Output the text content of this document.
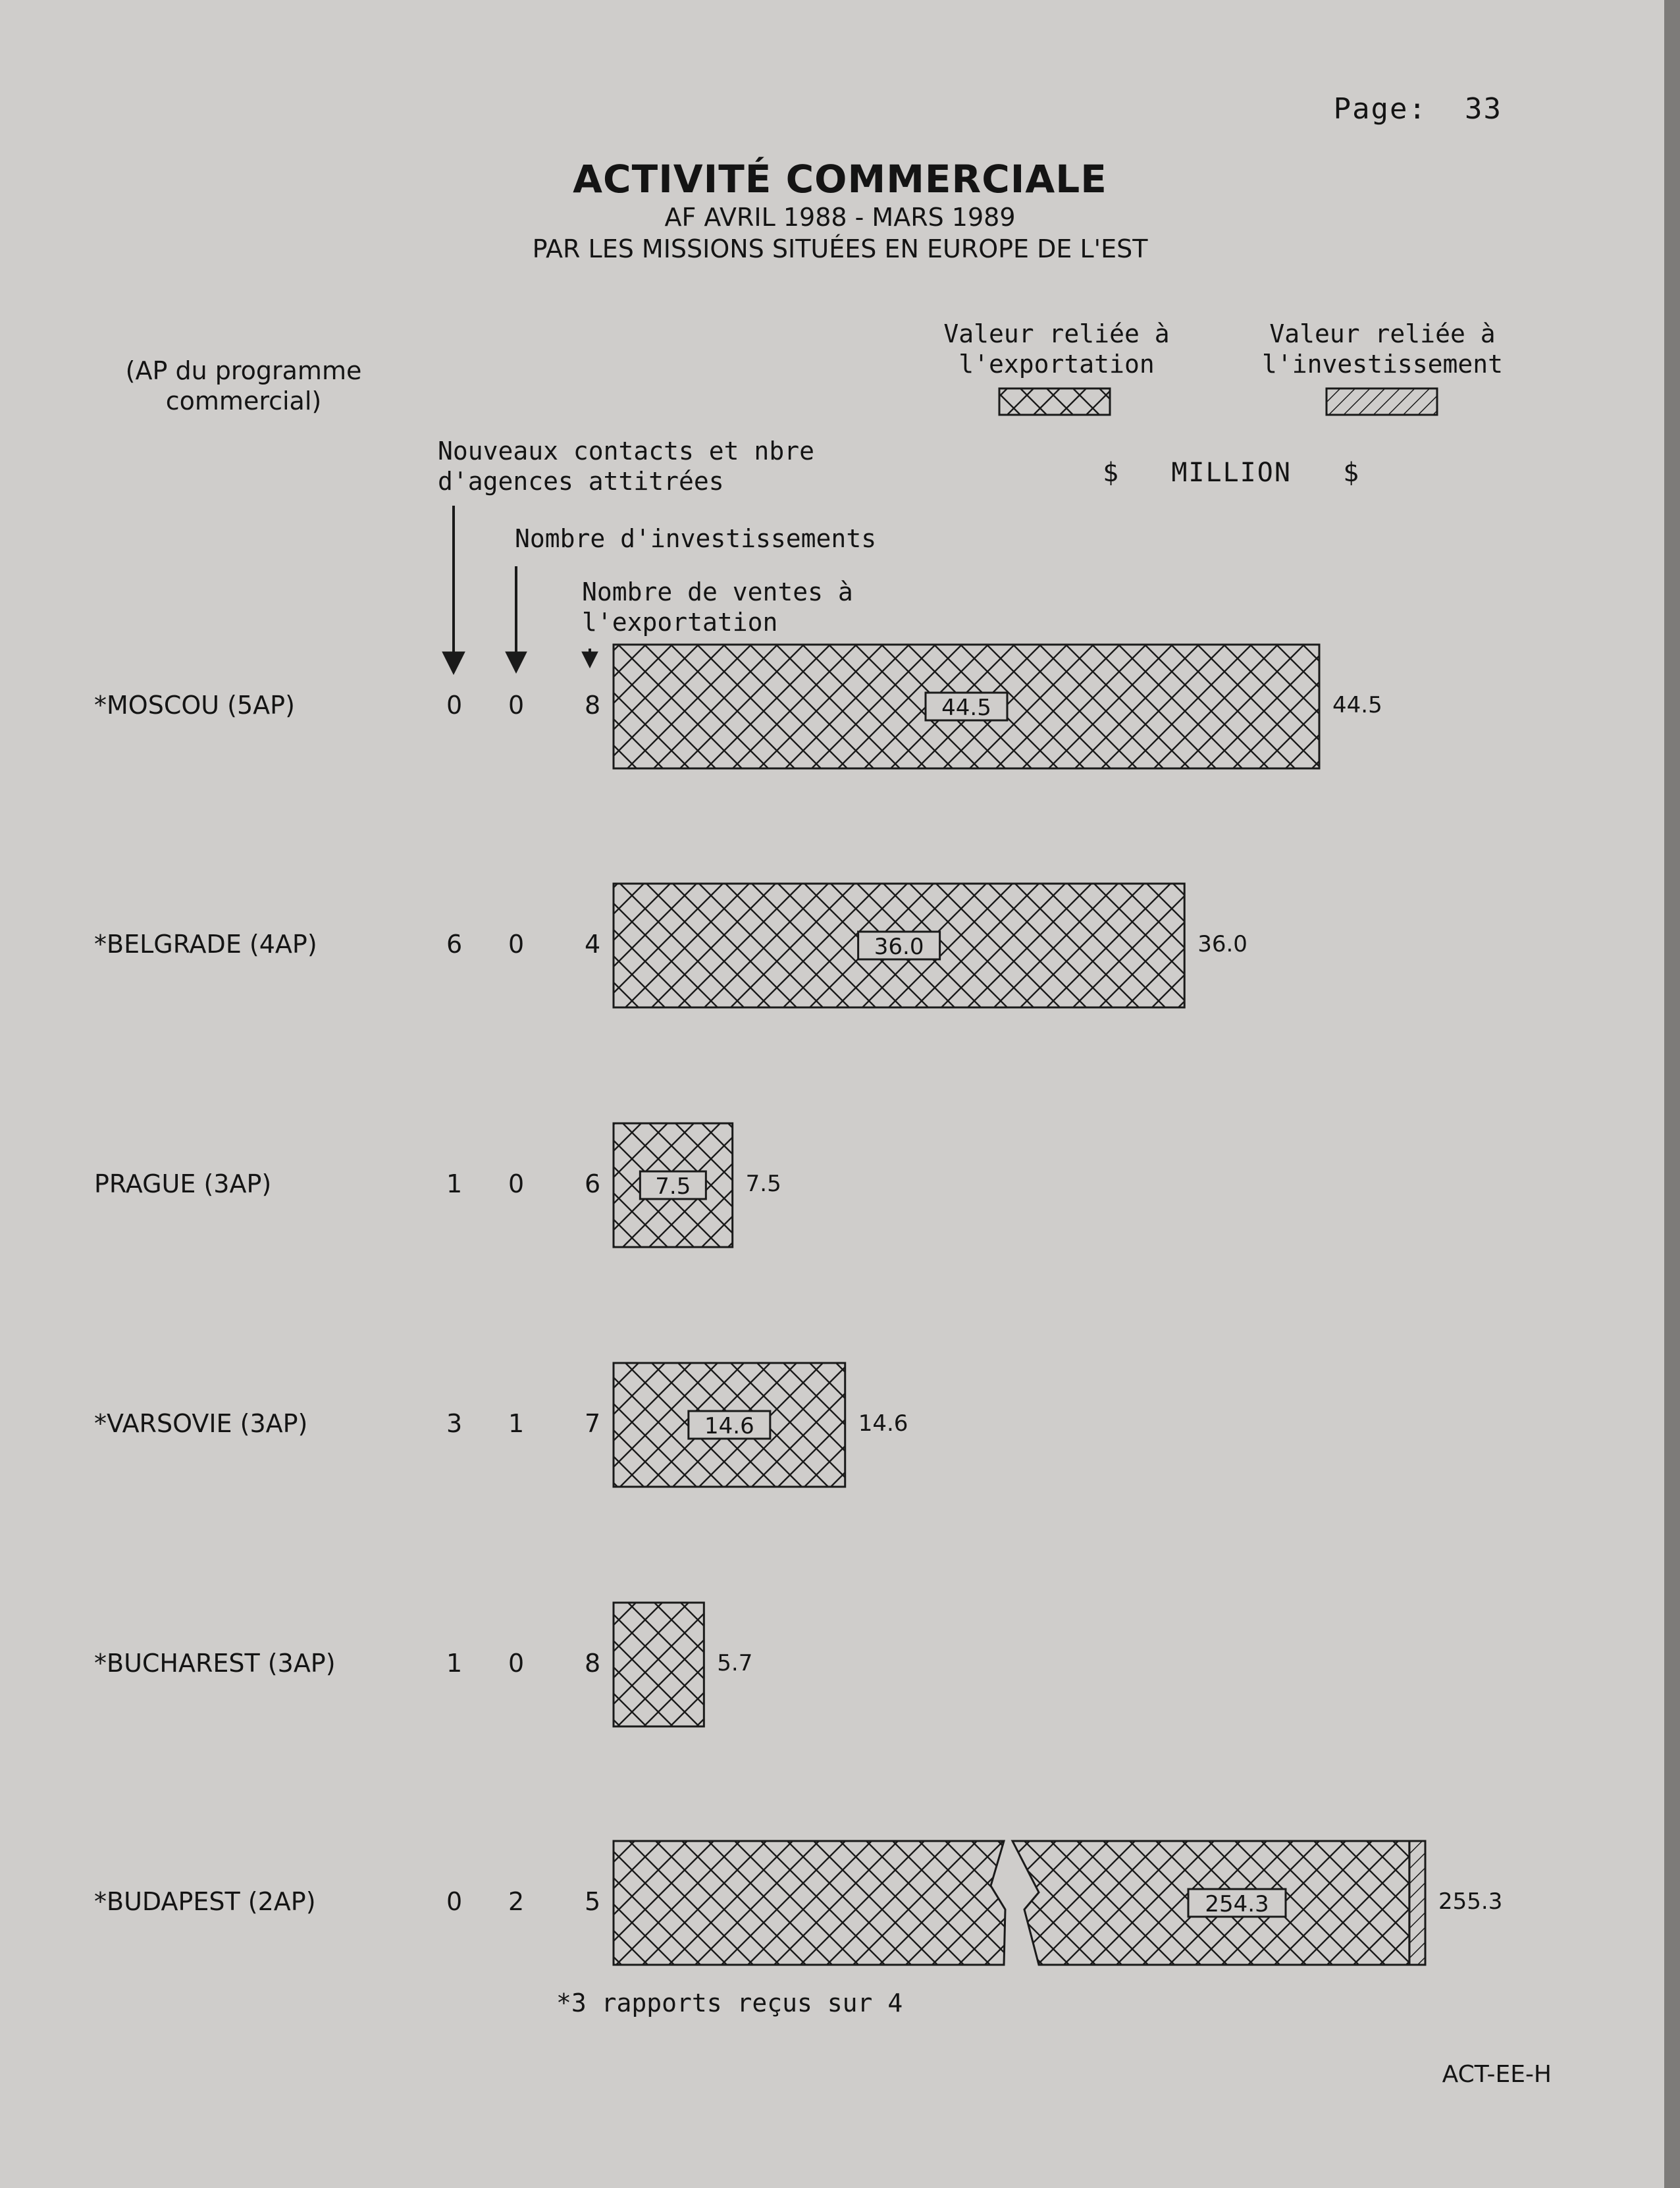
44.5
36.0
7.5
14.6
254.3
Page: 33
ACTIVITÉ COMMERCIALE
AF AVRIL 1988 - MARS 1989
PAR LES MISSIONS SITUÉES EN EUROPE DE L'EST
(AP du programme commercial)
Valeur reliée à l'exportation
Valeur reliée à l'investissement
$ MILLION $
Nouveaux contacts et nbre d'agences attitrées
Nombre d'investissements
Nombre de ventes à l'exportation
*MOSCOU (5AP)	0 0 8	44.5
*BELGRADE (4AP)	6 0 4	36.0
PRAGUE (3AP)	1 0 6	7.5
*VARSOVIE (3AP)	3 1 7	14.6
*BUCHAREST (3AP)	1 0 8	5.7
*BUDAPEST (2AP)	0 2 5	255.3
*3 rapports reçus sur 4
ACT-EE-H
